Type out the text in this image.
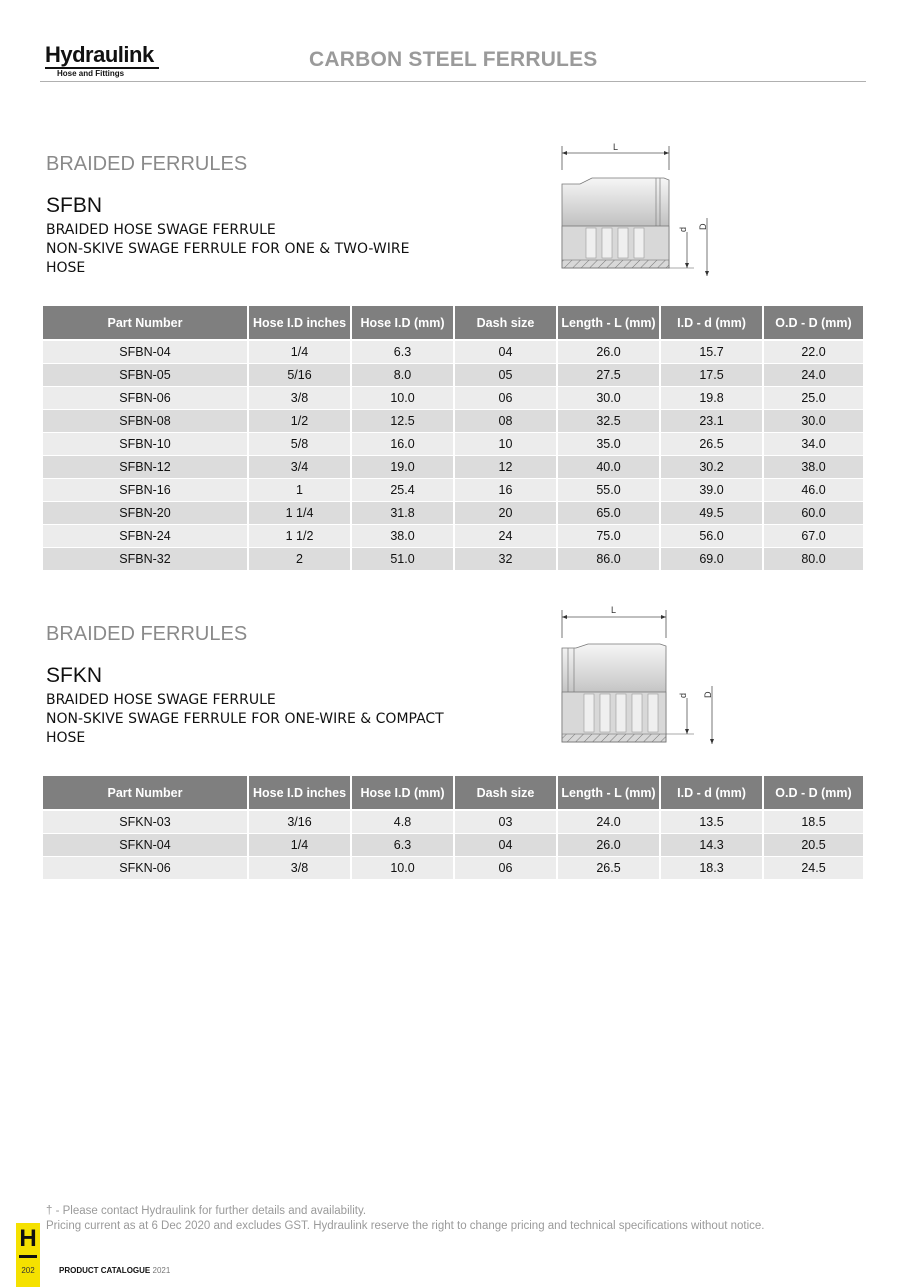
Hydraulink
Hose and Fittings
CARBON STEEL FERRULES
BRAIDED FERRULES
SFBN
BRAIDED HOSE SWAGE FERRULE
NON-SKIVE SWAGE FERRULE FOR ONE & TWO-WIRE
HOSE
L
d D
Part Number	Hose I.D inches	Hose I.D (mm)	Dash size	Length - L (mm)	I.D - d (mm)	O.D - D (mm)
SFBN-04	1/4	6.3	04	26.0	15.7	22.0
SFBN-05	5/16	8.0	05	27.5	17.5	24.0
SFBN-06	3/8	10.0	06	30.0	19.8	25.0
SFBN-08	1/2	12.5	08	32.5	23.1	30.0
SFBN-10	5/8	16.0	10	35.0	26.5	34.0
SFBN-12	3/4	19.0	12	40.0	30.2	38.0
SFBN-16	1	25.4	16	55.0	39.0	46.0
SFBN-20	1 1/4	31.8	20	65.0	49.5	60.0
SFBN-24	1 1/2	38.0	24	75.0	56.0	67.0
SFBN-32	2	51.0	32	86.0	69.0	80.0
BRAIDED FERRULES
SFKN
BRAIDED HOSE SWAGE FERRULE
NON-SKIVE SWAGE FERRULE FOR ONE-WIRE & COMPACT
HOSE
L
d D
Part Number	Hose I.D inches	Hose I.D (mm)	Dash size	Length - L (mm)	I.D - d (mm)	O.D - D (mm)
SFKN-03	3/16	4.8	03	24.0	13.5	18.5
SFKN-04	1/4	6.3	04	26.0	14.3	20.5
SFKN-06	3/8	10.0	06	26.5	18.3	24.5
† - Please contact Hydraulink for further details and availability.
Pricing current as at 6 Dec 2020 and excludes GST. Hydraulink reserve the right to change pricing and technical specifications without notice.
H
202	PRODUCT CATALOGUE 2021
